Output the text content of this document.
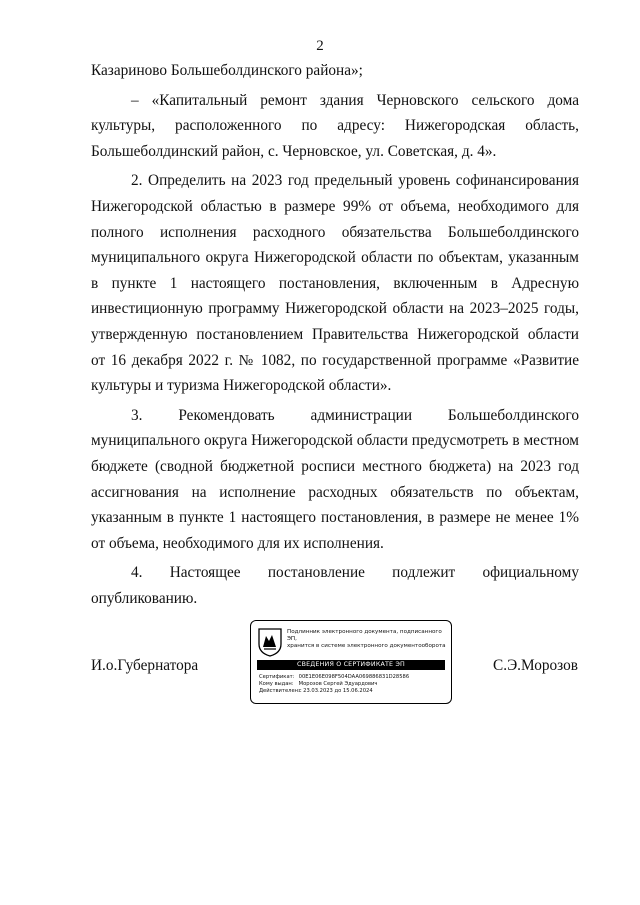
2

Казариново Большеболдинского района»;

– «Капитальный ремонт здания Черновского сельского дома

культуры, расположенного по адресу: Нижегородская область,

Большеболдинский район, с. Черновское, ул. Советская, д. 4».

2. Определить на 2023 год предельный уровень софинансирования

Нижегородской областью в размере 99% от объема, необходимого для

полного исполнения расходного обязательства Большеболдинского

муниципального округа Нижегородской области по объектам, указанным

в пункте 1 настоящего постановления, включенным в Адресную

инвестиционную программу Нижегородской области на 2023–2025 годы,

утвержденную постановлением Правительства Нижегородской области

от 16 декабря 2022 г. № 1082, по государственной программе «Развитие

культуры и туризма Нижегородской области».

3. Рекомендовать администрации Большеболдинского

муниципального округа Нижегородской области предусмотреть в местном

бюджете (сводной бюджетной росписи местного бюджета) на 2023 год

ассигнования на исполнение расходных обязательств по объектам,

указанным в пункте 1 настоящего постановления, в размере не менее 1%

от объема, необходимого для их исполнения.

4. Настоящее постановление подлежит официальному

опубликованию.

И.о.Губернатора	С.Э.Морозов
Подлинник электронного документа, подписанного ЭП,
хранится в системе электронного документооборота
СВЕДЕНИЯ О СЕРТИФИКАТЕ ЭП
Сертификат: 00E1E06E098F504DAA069886831D28586
Кому выдан: Морозов Сергей Эдуардович
Действителен: с 23.03.2023 до 15.06.2024
